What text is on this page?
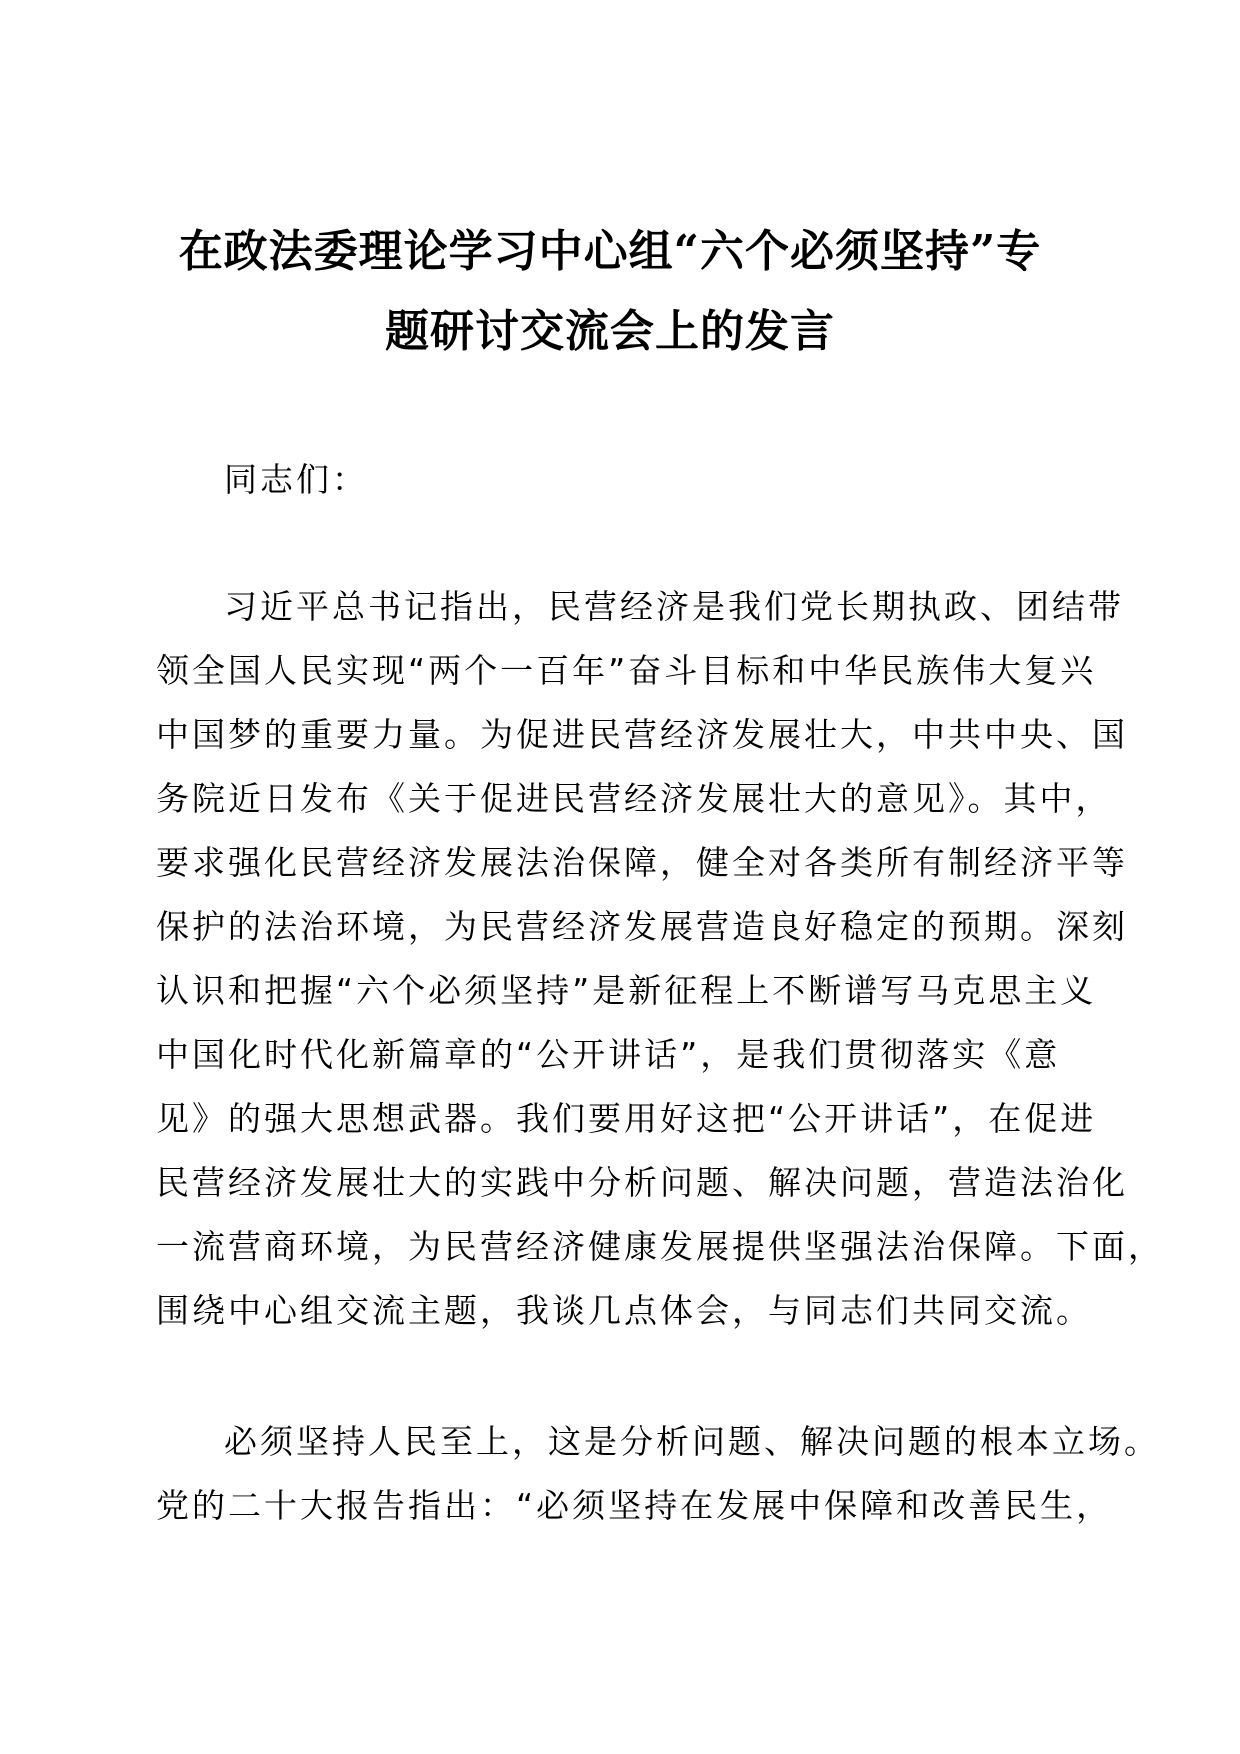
在政法委理论学习中心组“六个必须坚持”专
题研讨交流会上的发言

同志们：

习近平总书记指出，民营经济是我们党长期执政、团结带
领全国人民实现“两个一百年”奋斗目标和中华民族伟大复兴
中国梦的重要力量。为促进民营经济发展壮大，中共中央、国
务院近日发布《关于促进民营经济发展壮大的意见》。其中，
要求强化民营经济发展法治保障，健全对各类所有制经济平等
保护的法治环境，为民营经济发展营造良好稳定的预期。深刻
认识和把握“六个必须坚持”是新征程上不断谱写马克思主义
中国化时代化新篇章的“公开讲话”，是我们贯彻落实《意
见》的强大思想武器。我们要用好这把“公开讲话”，在促进
民营经济发展壮大的实践中分析问题、解决问题，营造法治化
一流营商环境，为民营经济健康发展提供坚强法治保障。下面，
围绕中心组交流主题，我谈几点体会，与同志们共同交流。

必须坚持人民至上，这是分析问题、解决问题的根本立场。
党的二十大报告指出：“必须坚持在发展中保障和改善民生，
